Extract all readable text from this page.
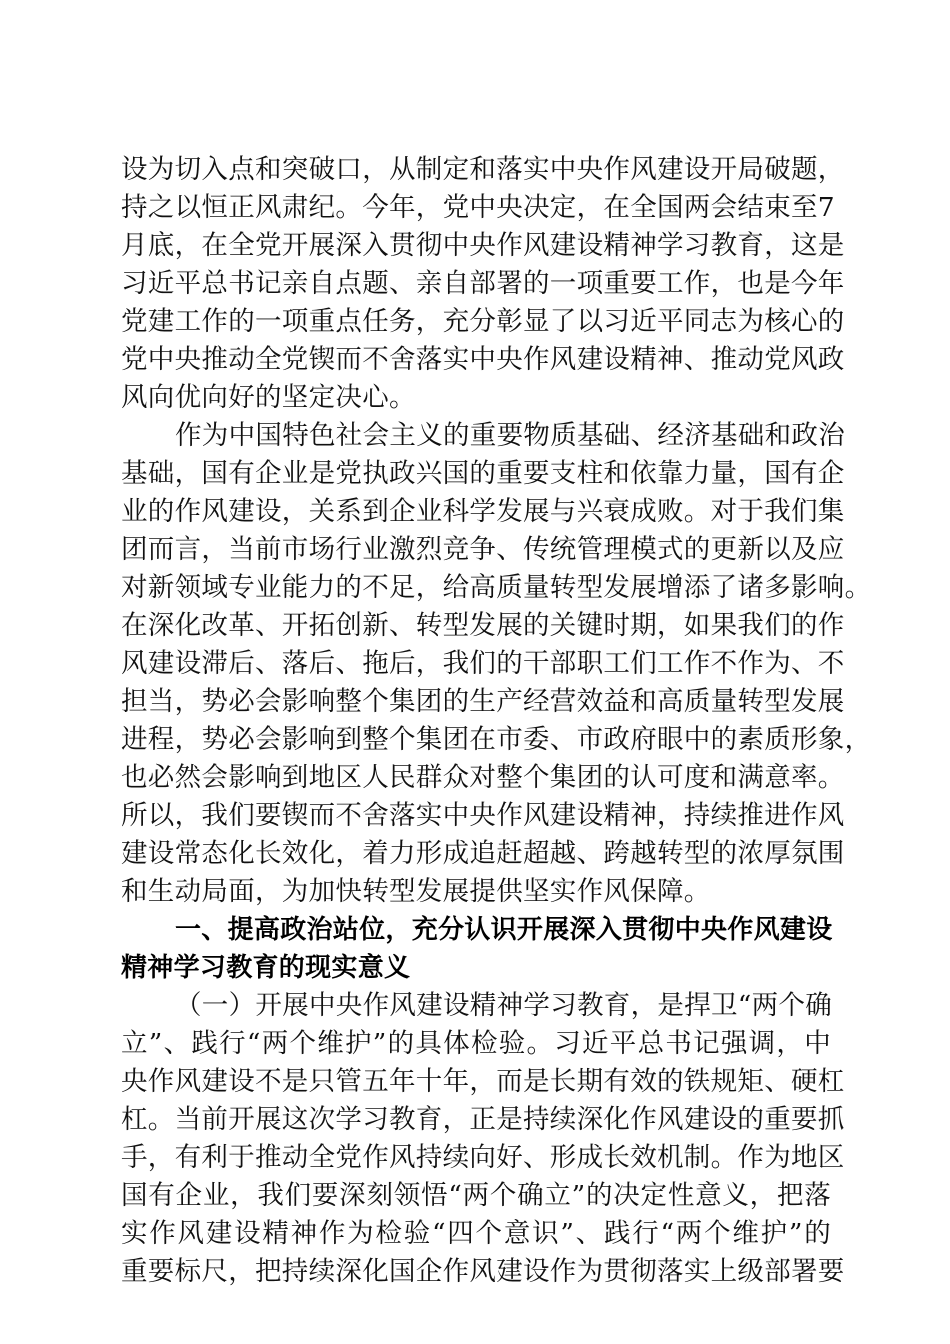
设为切入点和突破口，从制定和落实中央作风建设开局破题，
持之以恒正风肃纪。今年，党中央决定，在全国两会结束至7
月底，在全党开展深入贯彻中央作风建设精神学习教育，这是
习近平总书记亲自点题、亲自部署的一项重要工作，也是今年
党建工作的一项重点任务，充分彰显了以习近平同志为核心的
党中央推动全党锲而不舍落实中央作风建设精神、推动党风政
风向优向好的坚定决心。
作为中国特色社会主义的重要物质基础、经济基础和政治
基础，国有企业是党执政兴国的重要支柱和依靠力量，国有企
业的作风建设，关系到企业科学发展与兴衰成败。对于我们集
团而言，当前市场行业激烈竞争、传统管理模式的更新以及应
对新领域专业能力的不足，给高质量转型发展增添了诸多影响。
在深化改革、开拓创新、转型发展的关键时期，如果我们的作
风建设滞后、落后、拖后，我们的干部职工们工作不作为、不
担当，势必会影响整个集团的生产经营效益和高质量转型发展
进程，势必会影响到整个集团在市委、市政府眼中的素质形象，
也必然会影响到地区人民群众对整个集团的认可度和满意率。
所以，我们要锲而不舍落实中央作风建设精神，持续推进作风
建设常态化长效化，着力形成追赶超越、跨越转型的浓厚氛围
和生动局面，为加快转型发展提供坚实作风保障。
一、提高政治站位，充分认识开展深入贯彻中央作风建设
精神学习教育的现实意义
（一）开展中央作风建设精神学习教育，是捍卫“两个确
立”、践行“两个维护”的具体检验。习近平总书记强调，中
央作风建设不是只管五年十年，而是长期有效的铁规矩、硬杠
杠。当前开展这次学习教育，正是持续深化作风建设的重要抓
手，有利于推动全党作风持续向好、形成长效机制。作为地区
国有企业，我们要深刻领悟“两个确立”的决定性意义，把落
实作风建设精神作为检验“四个意识”、践行“两个维护”的
重要标尺，把持续深化国企作风建设作为贯彻落实上级部署要
